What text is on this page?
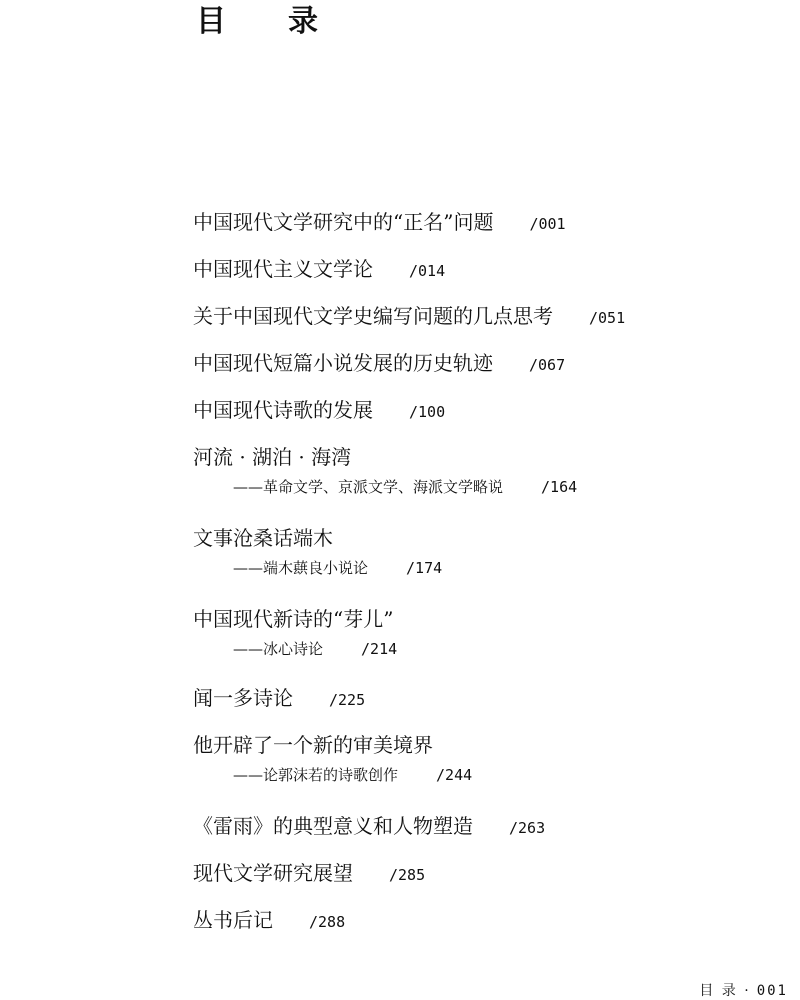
目　录
中国现代文学研究中的“正名”问题 /001
中国现代主义文学论 /014
关于中国现代文学史编写问题的几点思考 /051
中国现代短篇小说发展的历史轨迹 /067
中国现代诗歌的发展 /100
河流 · 湖泊 · 海湾
——革命文学、京派文学、海派文学略说	/164
文事沧桑话端木
——端木蕻良小说论	/174
中国现代新诗的“芽儿”
——冰心诗论	/214
闻一多诗论 /225
他开辟了一个新的审美境界
——论郭沫若的诗歌创作	/244
《雷雨》的典型意义和人物塑造 /263
现代文学研究展望 /285
丛书后记 /288
目 录 · 001
